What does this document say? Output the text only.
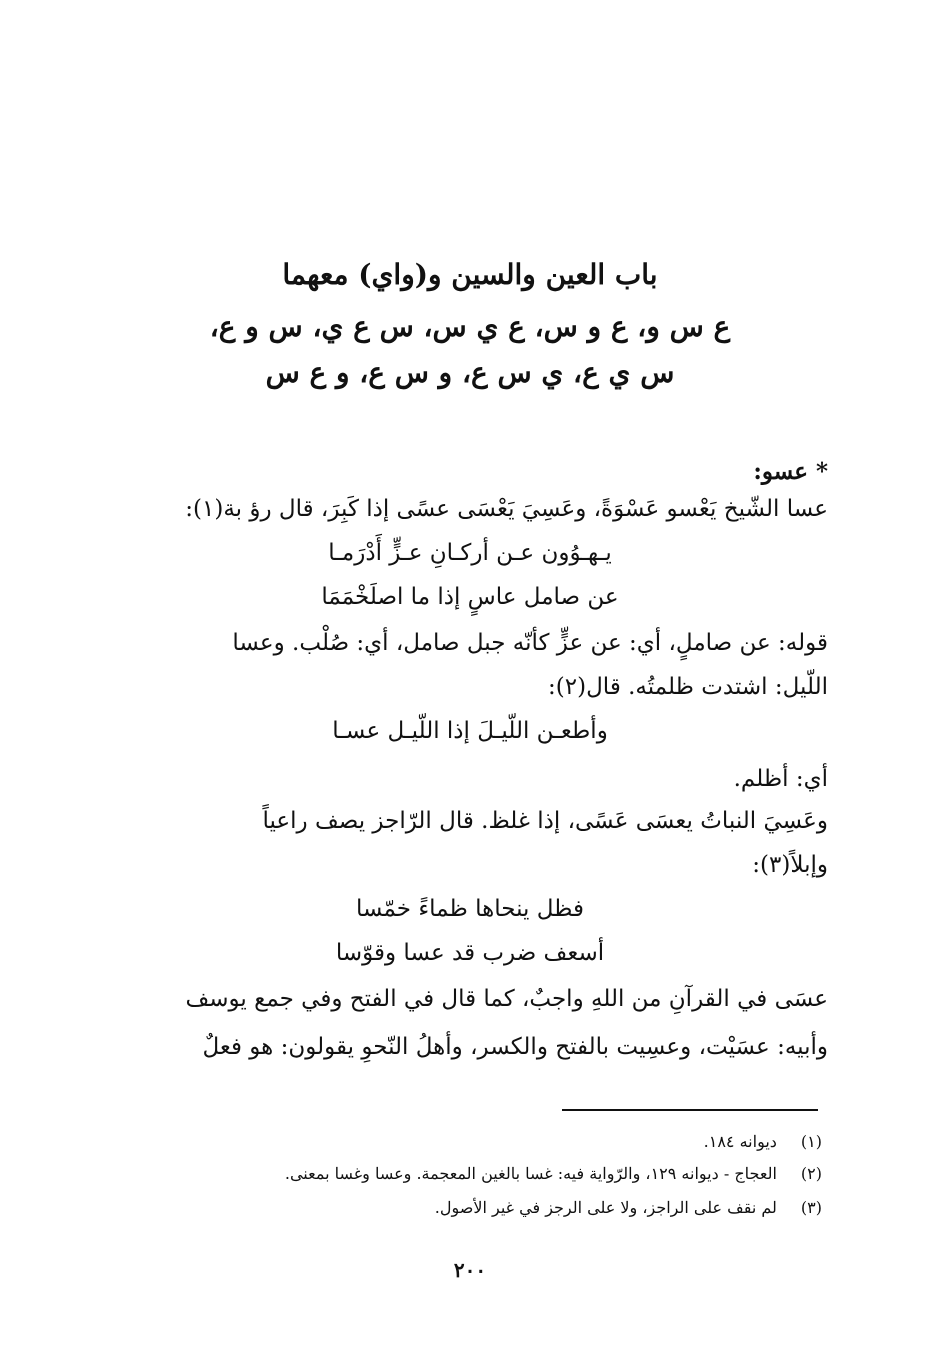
باب العين والسين و(واي) معهما
ع س و، ع و س، ع ي س، س ع ي، س و ع،
س ي ع، ي س ع، و س ع، و ع س
* عسو:
عسا الشّيخ يَعْسو عَسْوَةً، وعَسِيَ يَعْسَى عسًى إذا كَبِرَ، قال رؤ بة(١):
يـهـوُون عـن أركـانِ عـزٍّ أَدْرَمـا
عن صامل عاسٍ إذا ما اصلَخْمَمَا
قوله: عن صاملٍ، أي: عن عزٍّ كأنّه جبل صامل، أي: صُلْب. وعسا
اللّيل: اشتدت ظلمتُه. قال(٢):
وأطعـن اللّيـلَ إذا اللّيـل عسـا
أي: أظلم.
وعَسِيَ النباتُ يعسَى عَسًى، إذا غلظ. قال الرّاجز يصف راعياً
وإبلاً(٣):
فظل ينحاها ظماءً خمّسا
أسعف ضرب قد عسا وقوّسا
عسَى في القرآنِ من اللهِ واجبٌ، كما قال في الفتح وفي جمع يوسف
وأبيه: عسَيْت، وعسِيت بالفتح والكسر، وأهلُ النّحوِ يقولون: هو فعلٌ
(١) ديوانه ١٨٤.
(٢) العجاج - ديوانه ١٢٩، والرّواية فيه: غسا بالغين المعجمة. وعسا وغسا بمعنى.
(٣) لم نقف على الراجز، ولا على الرجز في غير الأصول.
٢٠٠
